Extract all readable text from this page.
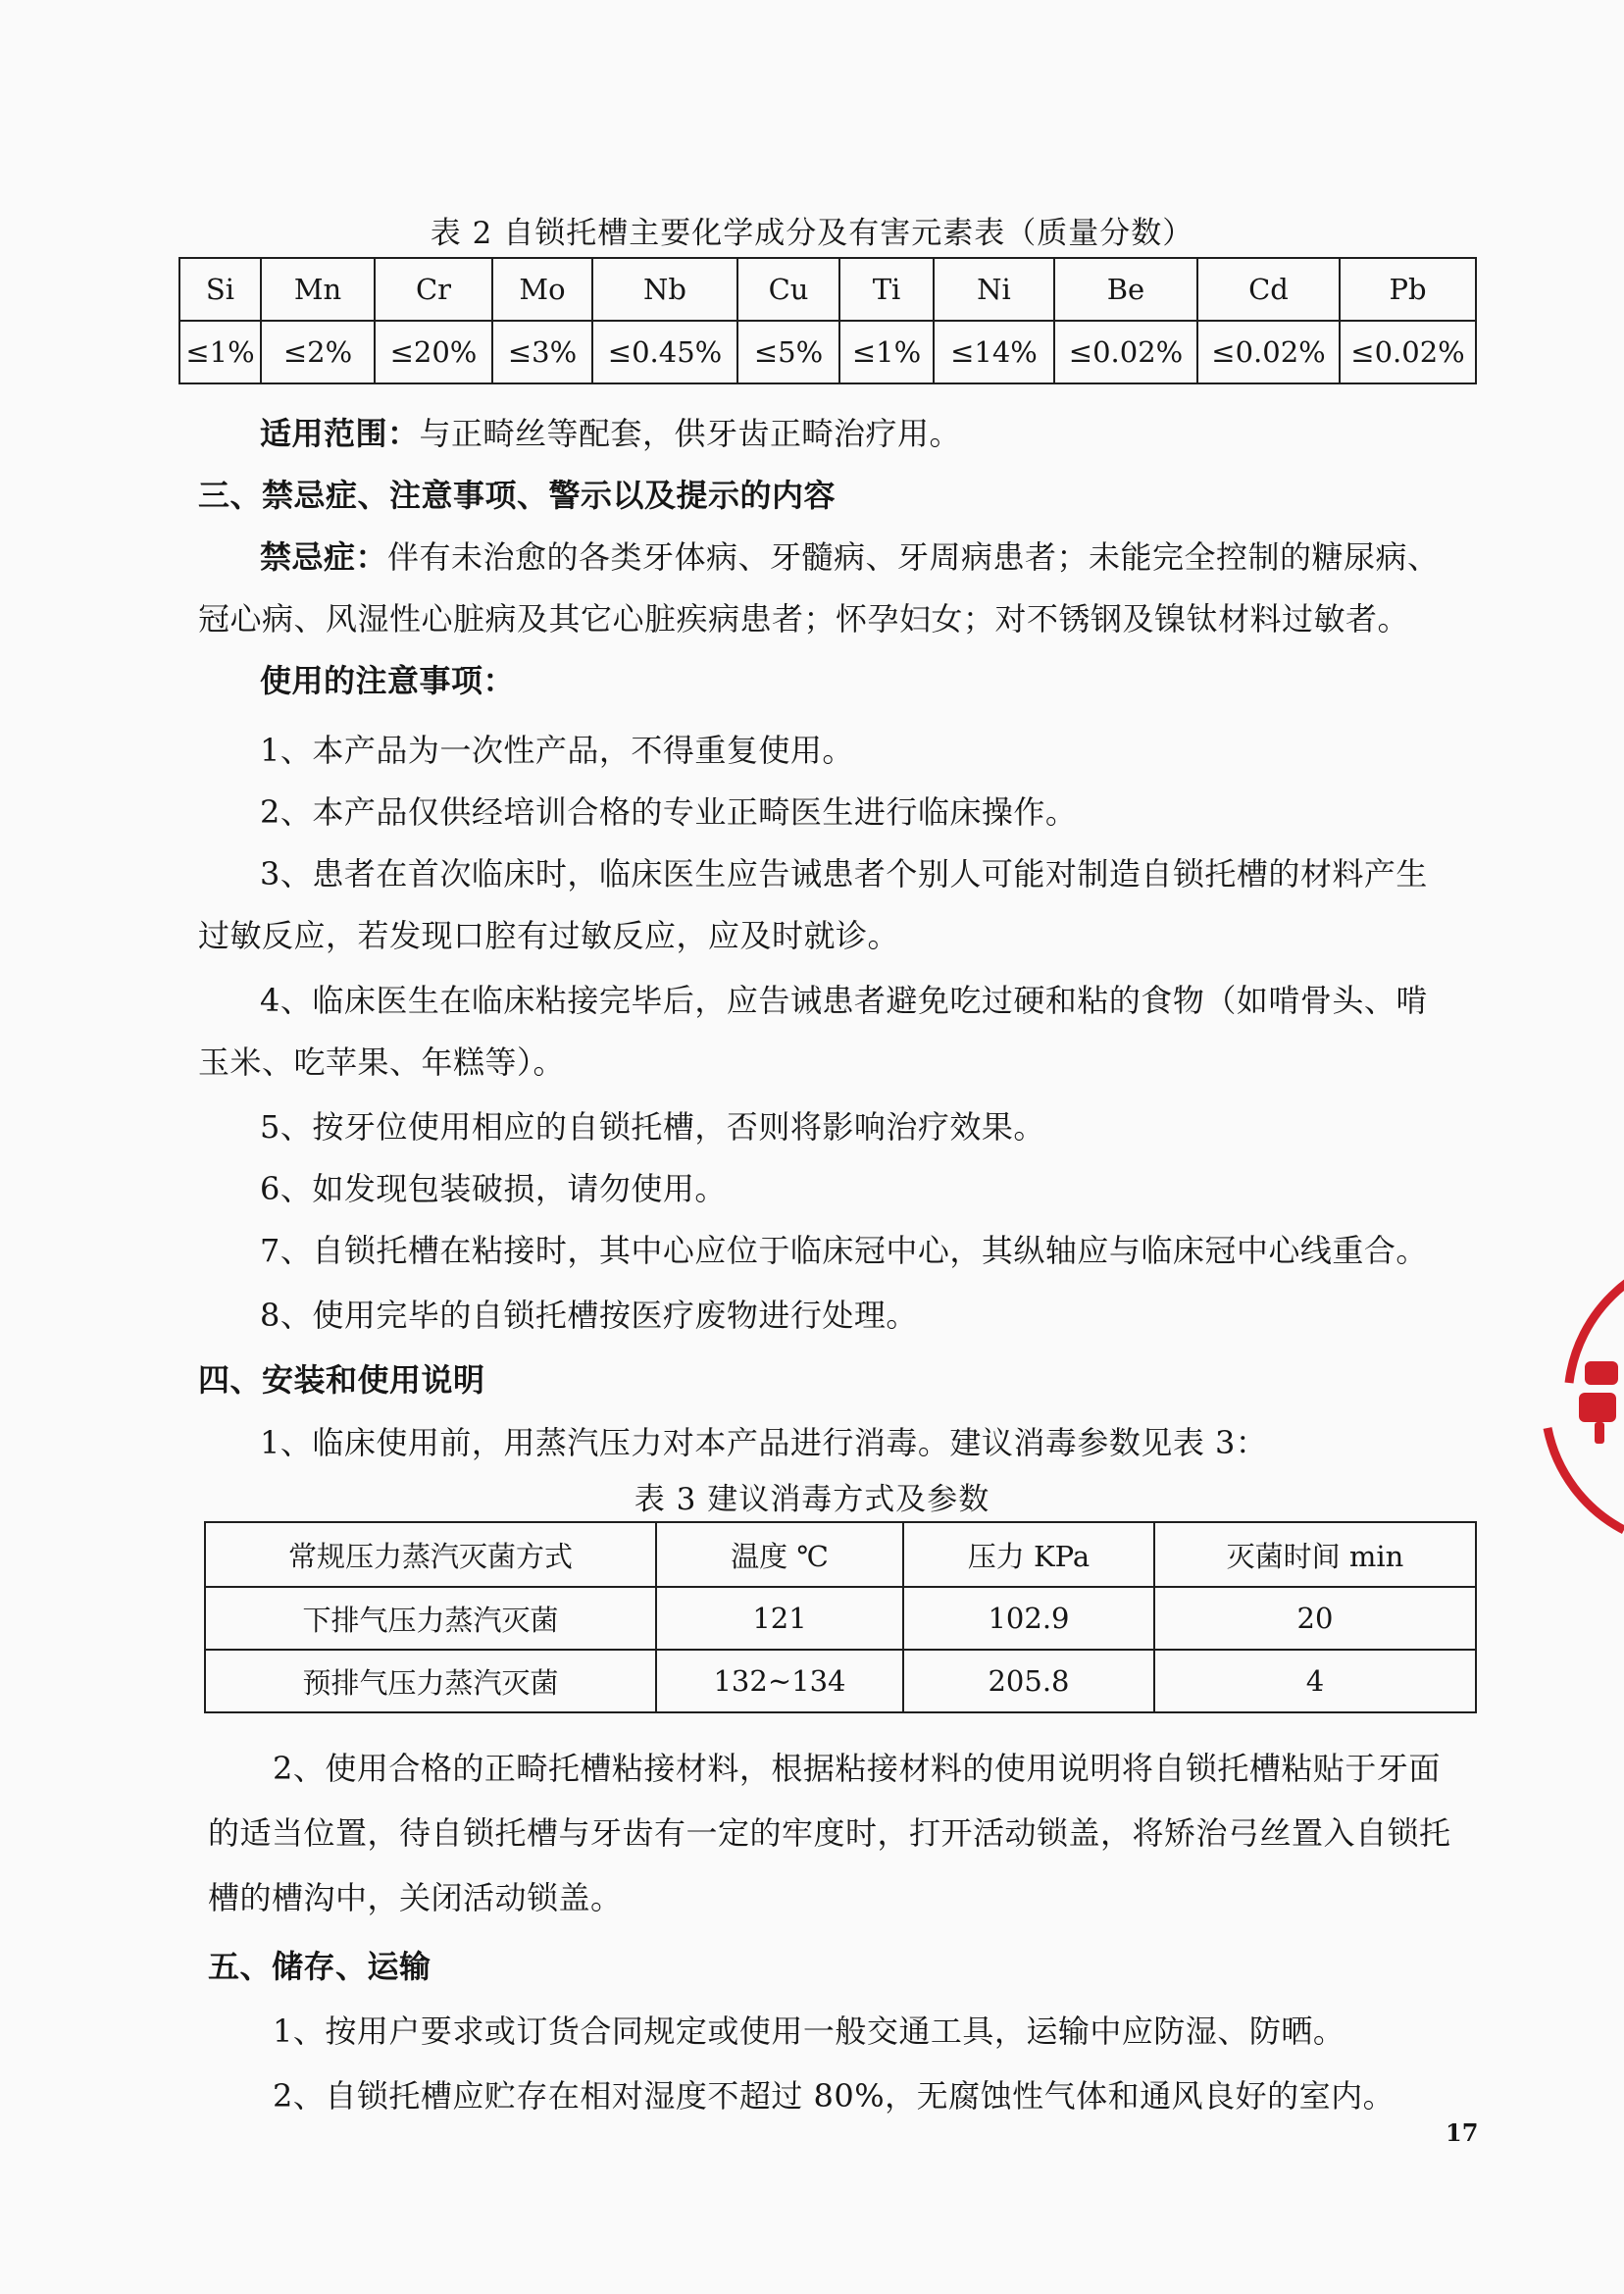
表 2 自锁托槽主要化学成分及有害元素表（质量分数）
Si	Mn	Cr	Mo	Nb	Cu	Ti	Ni	Be	Cd	Pb
≤1%	≤2%	≤20%	≤3%	≤0.45%	≤5%	≤1%	≤14%	≤0.02%	≤0.02%	≤0.02%
适用范围：与正畸丝等配套，供牙齿正畸治疗用。
三、禁忌症、注意事项、警示以及提示的内容
禁忌症：伴有未治愈的各类牙体病、牙髓病、牙周病患者；未能完全控制的糖尿病、
冠心病、风湿性心脏病及其它心脏疾病患者；怀孕妇女；对不锈钢及镍钛材料过敏者。
使用的注意事项：
1、本产品为一次性产品，不得重复使用。
2、本产品仅供经培训合格的专业正畸医生进行临床操作。
3、患者在首次临床时，临床医生应告诫患者个别人可能对制造自锁托槽的材料产生
过敏反应，若发现口腔有过敏反应，应及时就诊。
4、临床医生在临床粘接完毕后，应告诫患者避免吃过硬和粘的食物（如啃骨头、啃
玉米、吃苹果、年糕等）。
5、按牙位使用相应的自锁托槽，否则将影响治疗效果。
6、如发现包装破损，请勿使用。
7、自锁托槽在粘接时，其中心应位于临床冠中心，其纵轴应与临床冠中心线重合。
8、使用完毕的自锁托槽按医疗废物进行处理。
四、安装和使用说明
1、临床使用前，用蒸汽压力对本产品进行消毒。建议消毒参数见表 3：
表 3 建议消毒方式及参数
常规压力蒸汽灭菌方式	温度 ℃	压力 KPa	灭菌时间 min
下排气压力蒸汽灭菌	121	102.9	20
预排气压力蒸汽灭菌	132~134	205.8	4
2、使用合格的正畸托槽粘接材料，根据粘接材料的使用说明将自锁托槽粘贴于牙面
的适当位置，待自锁托槽与牙齿有一定的牢度时，打开活动锁盖，将矫治弓丝置入自锁托
槽的槽沟中，关闭活动锁盖。
五、储存、运输
1、按用户要求或订货合同规定或使用一般交通工具，运输中应防湿、防晒。
2、自锁托槽应贮存在相对湿度不超过 80%，无腐蚀性气体和通风良好的室内。
17
